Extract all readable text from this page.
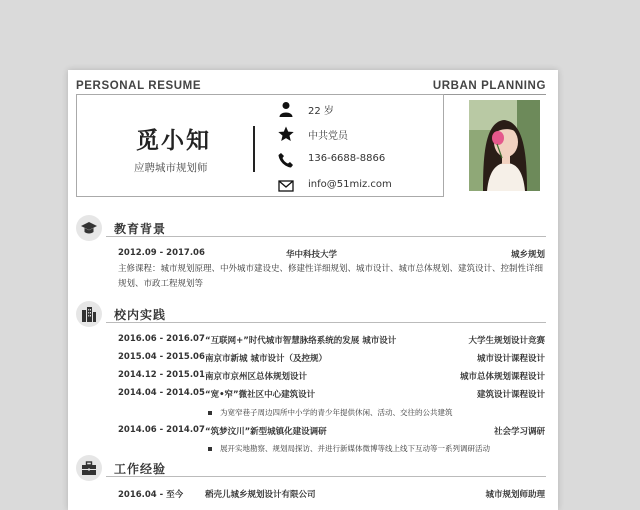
PERSONAL RESUME	URBAN PLANNING
觅小知
应聘城市规划师
22 岁
中共党员
136-6688-8866
info@51miz.com
教育背景
2012.09 - 2017.06	华中科技大学	城乡规划
主修课程：城市规划原理、中外城市建设史、修建性详细规划、城市设计、城市总体规划、建筑设计、控制性详细规划、市政工程规划等
校内实践
2016.06 - 2016.07 “互联网+”时代城市智慧脉络系统的发展 城市设计	大学生规划设计竞赛
2015.04 - 2015.06 南京市新城 城市设计（及控规）	城市设计课程设计
2014.12 - 2015.01 南京市京州区总体规划设计	城市总体规划课程设计
2014.04 - 2014.05 “宽•窄”微社区中心建筑设计	建筑设计课程设计
为宽窄巷子周边四所中小学的青少年提供休闲、活动、交往的公共建筑
2014.06 - 2014.07 “筑梦汶川”新型城镇化建设调研	社会学习调研
展开实地勘察、规划局探访、并进行新媒体微博等线上线下互动等一系列调研活动
工作经验
2016.04 - 至今	稻壳儿城乡规划设计有限公司	城市规划师助理
